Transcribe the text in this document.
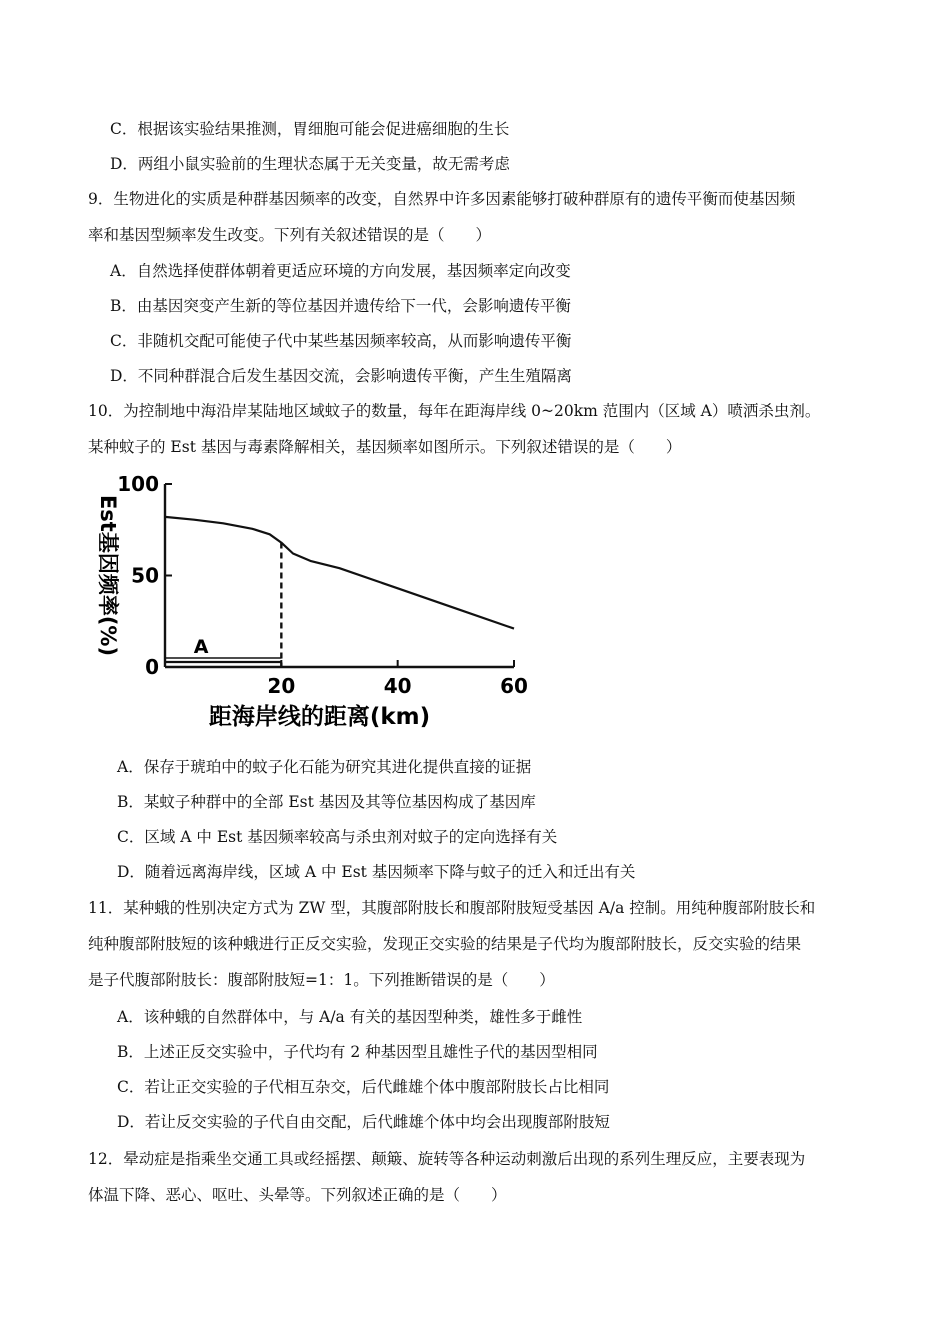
C．根据该实验结果推测，胃细胞可能会促进癌细胞的生长
D．两组小鼠实验前的生理状态属于无关变量，故无需考虑
9．生物进化的实质是种群基因频率的改变，自然界中许多因素能够打破种群原有的遗传平衡而使基因频
率和基因型频率发生改变。下列有关叙述错误的是（　　）
A．自然选择使群体朝着更适应环境的方向发展，基因频率定向改变
B．由基因突变产生新的等位基因并遗传给下一代，会影响遗传平衡
C．非随机交配可能使子代中某些基因频率较高，从而影响遗传平衡
D．不同种群混合后发生基因交流，会影响遗传平衡，产生生殖隔离
10．为控制地中海沿岸某陆地区域蚊子的数量，每年在距海岸线 0~20km 范围内（区域 A）喷洒杀虫剂。
某种蚊子的 Est 基因与毒素降解相关，基因频率如图所示。下列叙述错误的是（　　）
20	40	60
100
50
0
A
距海岸线的距离(km)
Est基因频率(%)
A．保存于琥珀中的蚊子化石能为研究其进化提供直接的证据
B．某蚊子种群中的全部 Est 基因及其等位基因构成了基因库
C．区域 A 中 Est 基因频率较高与杀虫剂对蚊子的定向选择有关
D．随着远离海岸线，区域 A 中 Est 基因频率下降与蚊子的迁入和迁出有关
11．某种蛾的性别决定方式为 ZW 型，其腹部附肢长和腹部附肢短受基因 A/a 控制。用纯种腹部附肢长和
纯种腹部附肢短的该种蛾进行正反交实验，发现正交实验的结果是子代均为腹部附肢长，反交实验的结果
是子代腹部附肢长：腹部附肢短=1：1。下列推断错误的是（　　）
A．该种蛾的自然群体中，与 A/a 有关的基因型种类，雄性多于雌性
B．上述正反交实验中，子代均有 2 种基因型且雄性子代的基因型相同
C．若让正交实验的子代相互杂交，后代雌雄个体中腹部附肢长占比相同
D．若让反交实验的子代自由交配，后代雌雄个体中均会出现腹部附肢短
12．晕动症是指乘坐交通工具或经摇摆、颠簸、旋转等各种运动刺激后出现的系列生理反应，主要表现为
体温下降、恶心、呕吐、头晕等。下列叙述正确的是（　　）
